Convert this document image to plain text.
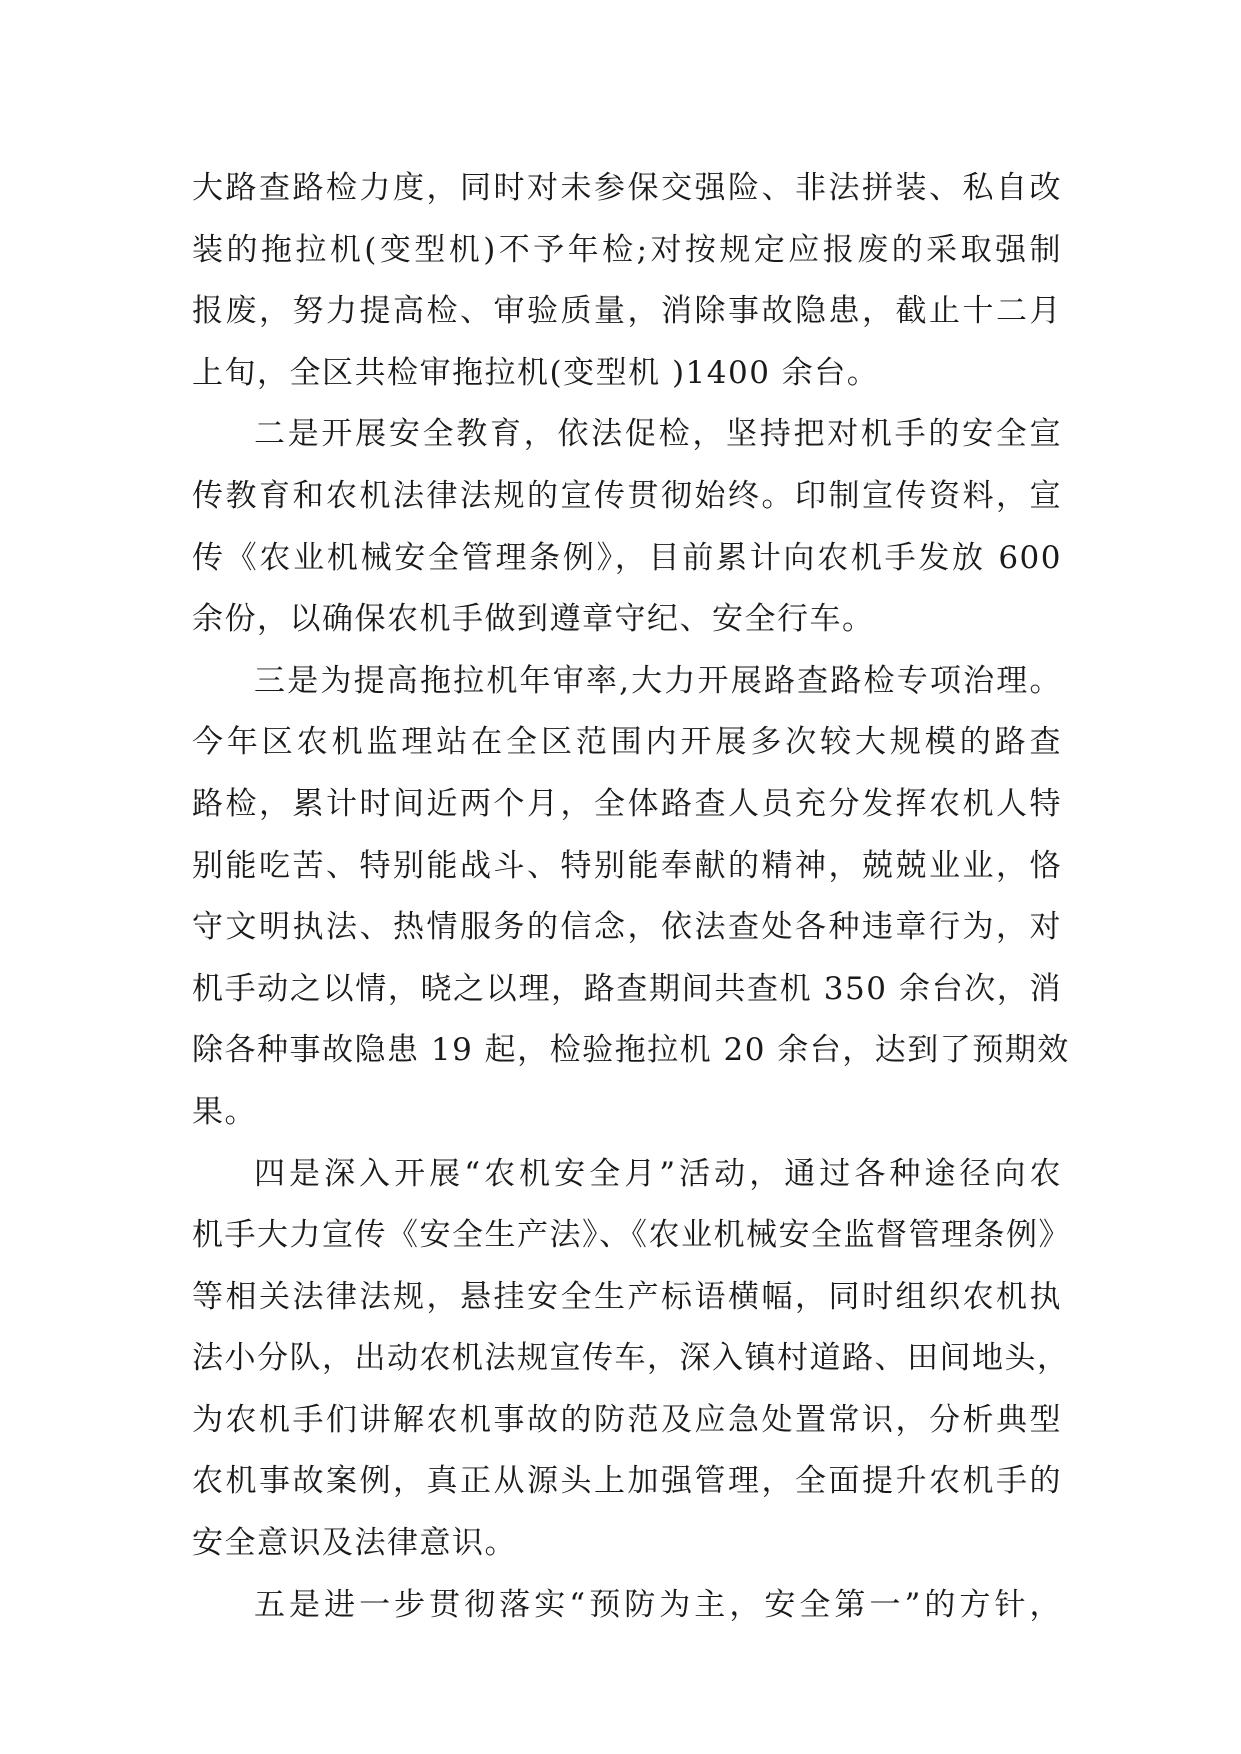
大路查路检力度，同时对未参保交强险、非法拼装、私自改
装的拖拉机(变型机)不予年检;对按规定应报废的采取强制
报废，努力提高检、审验质量，消除事故隐患，截止十二月
上旬，全区共检审拖拉机(变型机 )1400 余台。
二是开展安全教育，依法促检，坚持把对机手的安全宣
传教育和农机法律法规的宣传贯彻始终。印制宣传资料，宣
传《农业机械安全管理条例》，目前累计向农机手发放 600
余份，以确保农机手做到遵章守纪、安全行车。
三是为提高拖拉机年审率,大力开展路查路检专项治理。
今年区农机监理站在全区范围内开展多次较大规模的路查
路检，累计时间近两个月，全体路查人员充分发挥农机人特
别能吃苦、特别能战斗、特别能奉献的精神，兢兢业业，恪
守文明执法、热情服务的信念，依法查处各种违章行为，对
机手动之以情，晓之以理，路查期间共查机 350 余台次，消
除各种事故隐患 19 起，检验拖拉机 20 余台，达到了预期效
果。
四是深入开展“农机安全月”活动，通过各种途径向农
机手大力宣传《安全生产法》、《农业机械安全监督管理条例》
等相关法律法规，悬挂安全生产标语横幅，同时组织农机执
法小分队，出动农机法规宣传车，深入镇村道路、田间地头，
为农机手们讲解农机事故的防范及应急处置常识，分析典型
农机事故案例，真正从源头上加强管理，全面提升农机手的
安全意识及法律意识。
五是进一步贯彻落实“预防为主，安全第一”的方针，
